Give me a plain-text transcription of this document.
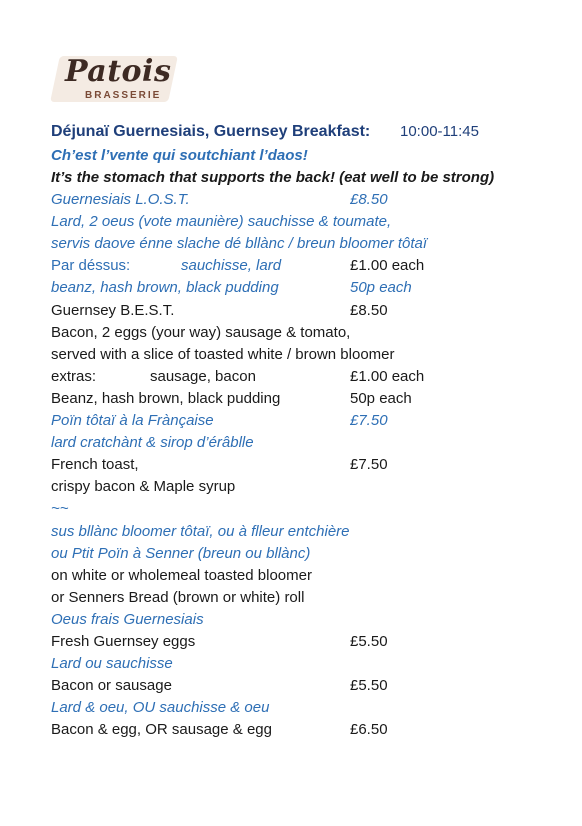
Patois
BRASSERIE
Déjunaï Guernesiais, Guernsey Breakfast: 10:00-11:45
Ch’est l’vente qui soutchiant l’daos!
It’s the stomach that supports the back! (eat well to be strong)
Guernesiais L.O.S.T.	£8.50
Lard, 2 oeus (vote maunière) sauchisse & toumate,
servis daove énne slache dé bllànc / breun bloomer tôtaï
Par déssus:	sauchisse, lard	£1.00 each
beanz, hash brown, black pudding	50p each
Guernsey B.E.S.T.	£8.50
Bacon, 2 eggs (your way) sausage & tomato,
served with a slice of toasted white / brown bloomer
extras:	sausage, bacon	£1.00 each
Beanz, hash brown, black pudding	50p each
Poïn tôtaï à la Frànçaise	£7.50
lard cratchànt & sirop d’érâblle
French toast,	£7.50
crispy bacon & Maple syrup
~~
sus bllànc bloomer tôtaï, ou à flleur entchière
ou Ptit Poïn à Senner (breun ou bllànc)
on white or wholemeal toasted bloomer
or Senners Bread (brown or white) roll
Oeus frais Guernesiais
Fresh Guernsey eggs	£5.50
Lard ou sauchisse
Bacon or sausage	£5.50
Lard & oeu, OU sauchisse & oeu
Bacon & egg, OR sausage & egg	£6.50
